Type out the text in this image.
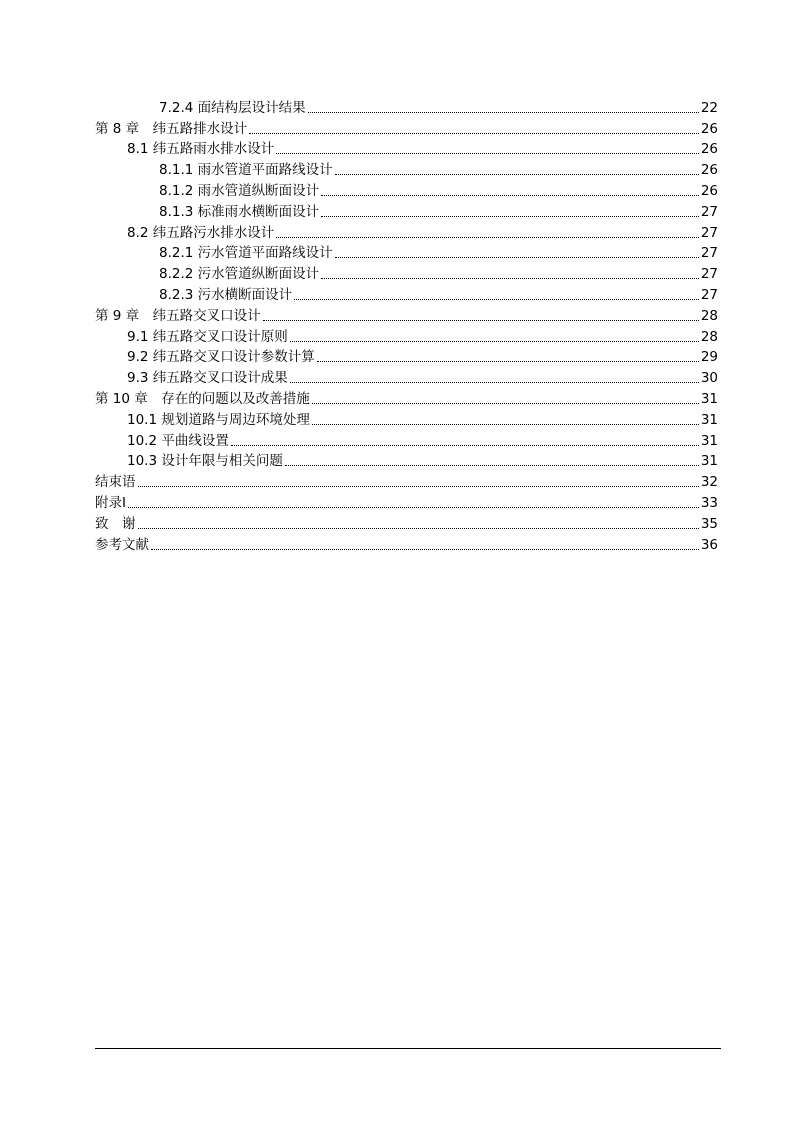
7.2.4 面结构层设计结果	22
第 8 章　纬五路排水设计	26
8.1 纬五路雨水排水设计	26
8.1.1 雨水管道平面路线设计	26
8.1.2 雨水管道纵断面设计	26
8.1.3 标准雨水横断面设计	27
8.2 纬五路污水排水设计	27
8.2.1 污水管道平面路线设计	27
8.2.2 污水管道纵断面设计	27
8.2.3 污水横断面设计	27
第 9 章　纬五路交叉口设计	28
9.1 纬五路交叉口设计原则	28
9.2 纬五路交叉口设计参数计算	29
9.3 纬五路交叉口设计成果	30
第 10 章　存在的问题以及改善措施	31
10.1 规划道路与周边环境处理	31
10.2 平曲线设置	31
10.3 设计年限与相关问题	31
结束语	32
附录Ⅰ	33
致　谢	35
参考文献	36
